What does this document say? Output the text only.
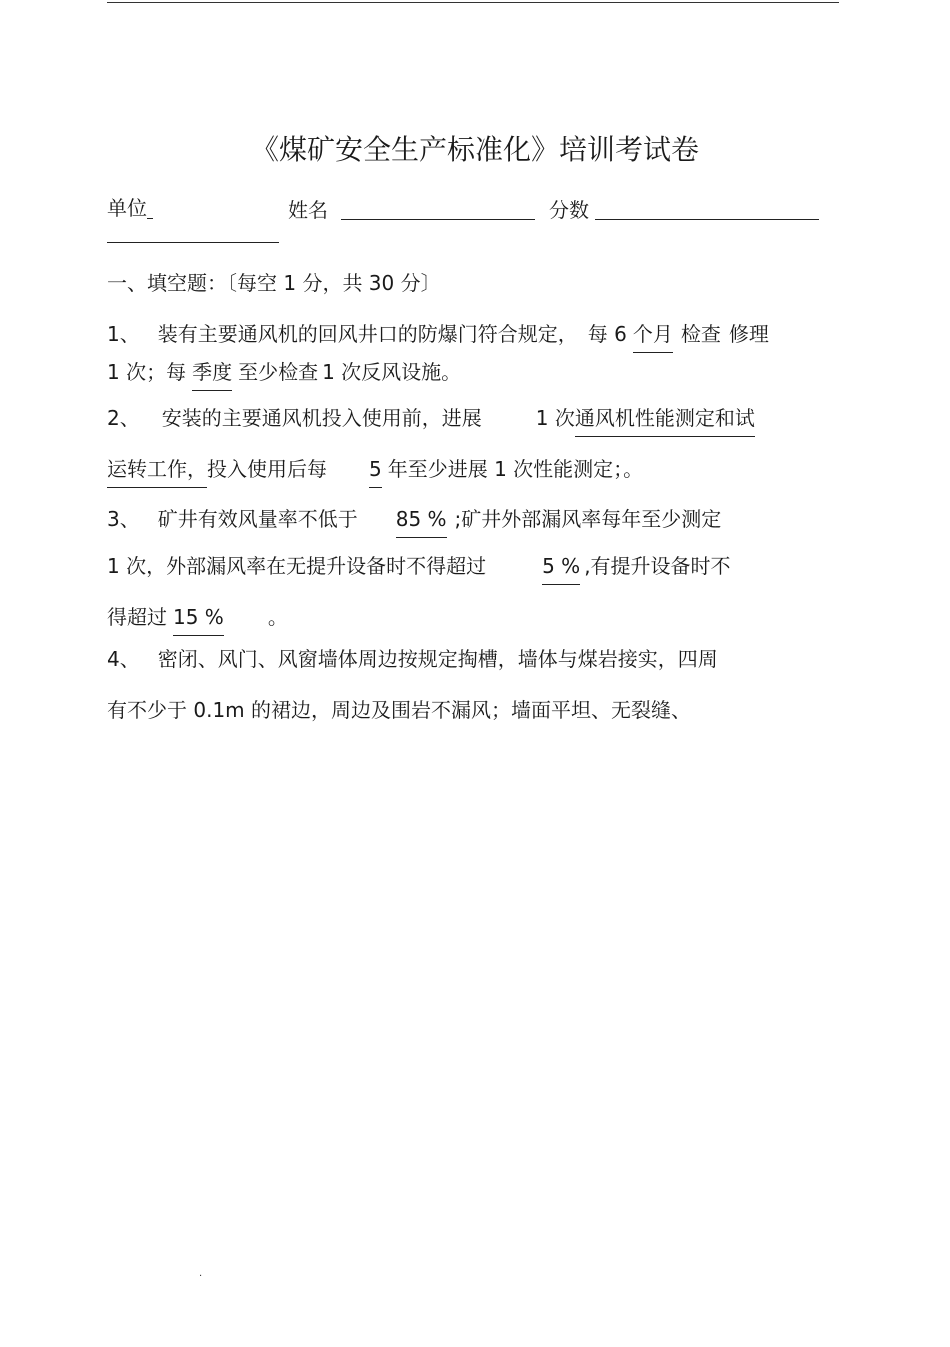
《煤矿安全生产标准化》培训考试卷
单位	姓名	分数
一、填空题：〔每空 1 分，共 30 分〕
1、 装有主要通风机的回风井口的防爆门符合规定， 每 6 个月 检查 修理
1 次；每 季度 至少检查 1 次反风设施。
2、 安装的主要通风机投入使用前，进展	1 次通风机性能测定和试
运转工作，投入使用后每 5 年至少进展 1 次性能测定；。
3、 矿井有效风量率不低于 85 % ;矿井外部漏风率每年至少测定
1 次，外部漏风率在无提升设备时不得超过	5 % ,有提升设备时不
得超过 15 % 。
4、 密闭、风门、风窗墙体周边按规定掏槽，墙体与煤岩接实，四周
有不少于 0.1m 的裙边，周边及围岩不漏风；墙面平坦、无裂缝、
.
